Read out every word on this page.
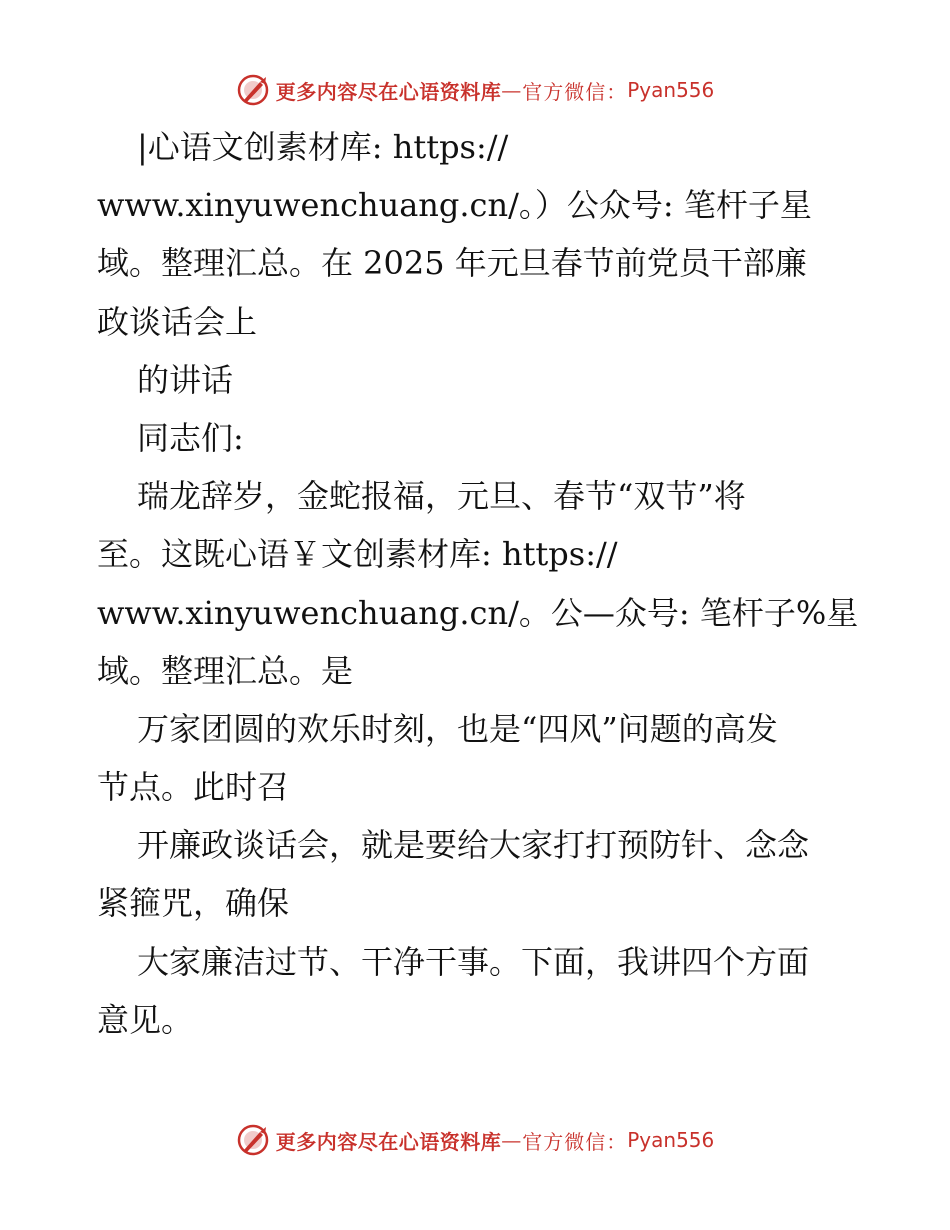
更多内容尽在心语资料库 — 官方微信： Pyan556
|心语文创素材库: https://
www.xinyuwenchuang.cn/。）公众号: 笔杆子星
域。整理汇总。在 2025 年元旦春节前党员干部廉
政谈话会上
的讲话
同志们:
瑞龙辞岁，金蛇报福，元旦、春节“双节”将
至。这既心语￥文创素材库: https://
www.xinyuwenchuang.cn/。公—众号: 笔杆子%星
域。整理汇总。是
万家团圆的欢乐时刻，也是“四风”问题的高发
节点。此时召
开廉政谈话会，就是要给大家打打预防针、念念
紧箍咒，确保
大家廉洁过节、干净干事。下面，我讲四个方面
意见。
更多内容尽在心语资料库 — 官方微信： Pyan556
